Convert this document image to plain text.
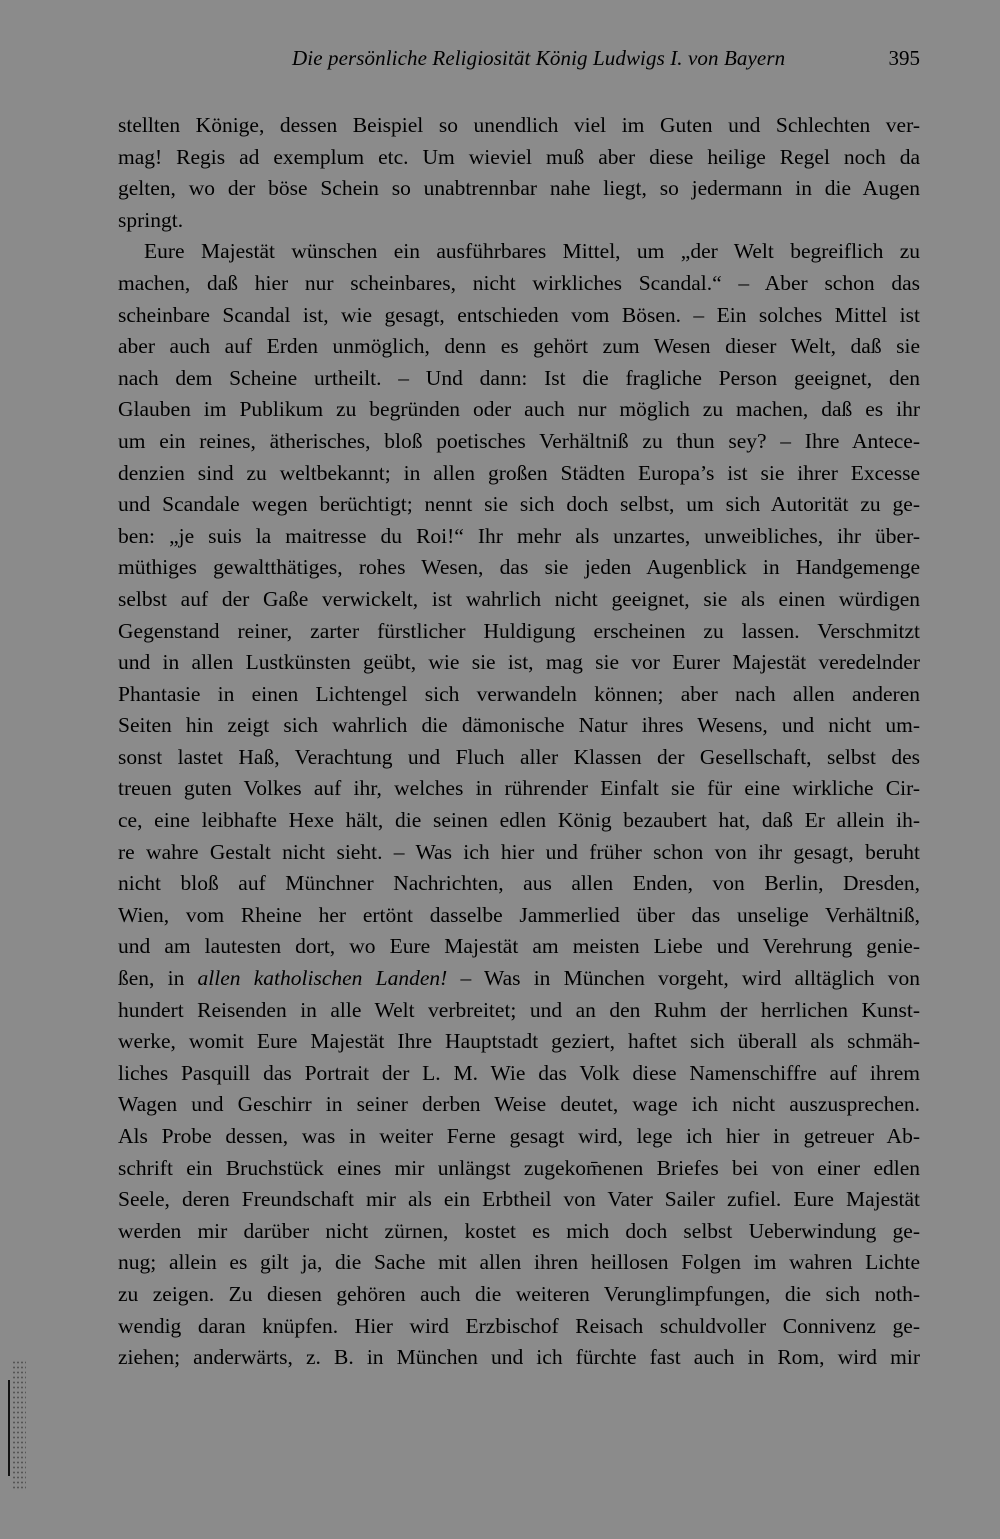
Die persönliche Religiosität König Ludwigs I. von Bayern	395
stellten Könige, dessen Beispiel so unendlich viel im Guten und Schlechten ver-
mag! Regis ad exemplum etc. Um wieviel muß aber diese heilige Regel noch da
gelten, wo der böse Schein so unabtrennbar nahe liegt, so jedermann in die Augen
springt.
Eure Majestät wünschen ein ausführbares Mittel, um „der Welt begreiflich zu
machen, daß hier nur scheinbares, nicht wirkliches Scandal.“ – Aber schon das
scheinbare Scandal ist, wie gesagt, entschieden vom Bösen. – Ein solches Mittel ist
aber auch auf Erden unmöglich, denn es gehört zum Wesen dieser Welt, daß sie
nach dem Scheine urtheilt. – Und dann: Ist die fragliche Person geeignet, den
Glauben im Publikum zu begründen oder auch nur möglich zu machen, daß es ihr
um ein reines, ätherisches, bloß poetisches Verhältniß zu thun sey? – Ihre Antece-
denzien sind zu weltbekannt; in allen großen Städten Europa’s ist sie ihrer Excesse
und Scandale wegen berüchtigt; nennt sie sich doch selbst, um sich Autorität zu ge-
ben: „je suis la maitresse du Roi!“ Ihr mehr als unzartes, unweibliches, ihr über-
müthiges gewaltthätiges, rohes Wesen, das sie jeden Augenblick in Handgemenge
selbst auf der Gaße verwickelt, ist wahrlich nicht geeignet, sie als einen würdigen
Gegenstand reiner, zarter fürstlicher Huldigung erscheinen zu lassen. Verschmitzt
und in allen Lustkünsten geübt, wie sie ist, mag sie vor Eurer Majestät veredelnder
Phantasie in einen Lichtengel sich verwandeln können; aber nach allen anderen
Seiten hin zeigt sich wahrlich die dämonische Natur ihres Wesens, und nicht um-
sonst lastet Haß, Verachtung und Fluch aller Klassen der Gesellschaft, selbst des
treuen guten Volkes auf ihr, welches in rührender Einfalt sie für eine wirkliche Cir-
ce, eine leibhafte Hexe hält, die seinen edlen König bezaubert hat, daß Er allein ih-
re wahre Gestalt nicht sieht. – Was ich hier und früher schon von ihr gesagt, beruht
nicht bloß auf Münchner Nachrichten, aus allen Enden, von Berlin, Dresden,
Wien, vom Rheine her ertönt dasselbe Jammerlied über das unselige Verhältniß,
und am lautesten dort, wo Eure Majestät am meisten Liebe und Verehrung genie-
ßen, in allen katholischen Landen! – Was in München vorgeht, wird alltäglich von
hundert Reisenden in alle Welt verbreitet; und an den Ruhm der herrlichen Kunst-
werke, womit Eure Majestät Ihre Hauptstadt geziert, haftet sich überall als schmäh-
liches Pasquill das Portrait der L. M. Wie das Volk diese Namenschiffre auf ihrem
Wagen und Geschirr in seiner derben Weise deutet, wage ich nicht auszusprechen.
Als Probe dessen, was in weiter Ferne gesagt wird, lege ich hier in getreuer Ab-
schrift ein Bruchstück eines mir unlängst zugekom̄enen Briefes bei von einer edlen
Seele, deren Freundschaft mir als ein Erbtheil von Vater Sailer zufiel. Eure Majestät
werden mir darüber nicht zürnen, kostet es mich doch selbst Ueberwindung ge-
nug; allein es gilt ja, die Sache mit allen ihren heillosen Folgen im wahren Lichte
zu zeigen. Zu diesen gehören auch die weiteren Verunglimpfungen, die sich noth-
wendig daran knüpfen. Hier wird Erzbischof Reisach schuldvoller Connivenz ge-
ziehen; anderwärts, z. B. in München und ich fürchte fast auch in Rom, wird mir
